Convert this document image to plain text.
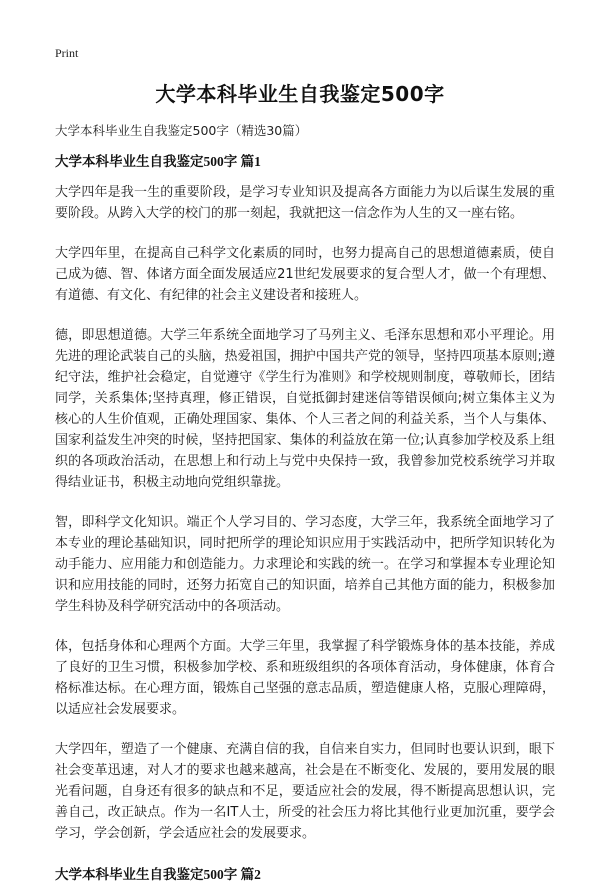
Print
大学本科毕业生自我鉴定500字
大学本科毕业生自我鉴定500字（精选30篇）
大学本科毕业生自我鉴定500字 篇1

大学四年是我一生的重要阶段，是学习专业知识及提高各方面能力为以后谋生发展的重要阶段。从跨入大学的校门的那一刻起，我就把这一信念作为人生的又一座右铭。

大学四年里，在提高自己科学文化素质的同时，也努力提高自己的思想道德素质，使自己成为德、智、体诸方面全面发展适应21世纪发展要求的复合型人才，做一个有理想、有道德、有文化、有纪律的社会主义建设者和接班人。

德，即思想道德。大学三年系统全面地学习了马列主义、毛泽东思想和邓小平理论。用先进的理论武装自己的头脑，热爱祖国，拥护中国共产党的领导，坚持四项基本原则;遵纪守法，维护社会稳定，自觉遵守《学生行为准则》和学校规则制度，尊敬师长，团结同学，关系集体;坚持真理，修正错误，自觉抵御封建迷信等错误倾向;树立集体主义为核心的人生价值观，正确处理国家、集体、个人三者之间的利益关系，当个人与集体、国家利益发生冲突的时候，坚持把国家、集体的利益放在第一位;认真参加学校及系上组织的各项政治活动，在思想上和行动上与党中央保持一致，我曾参加党校系统学习并取得结业证书，积极主动地向党组织靠拢。

智，即科学文化知识。端正个人学习目的、学习态度，大学三年，我系统全面地学习了本专业的理论基础知识，同时把所学的理论知识应用于实践活动中，把所学知识转化为动手能力、应用能力和创造能力。力求理论和实践的统一。在学习和掌握本专业理论知识和应用技能的同时，还努力拓宽自己的知识面，培养自己其他方面的能力，积极参加学生科协及科学研究活动中的各项活动。

体，包括身体和心理两个方面。大学三年里，我掌握了科学锻炼身体的基本技能，养成了良好的卫生习惯，积极参加学校、系和班级组织的各项体育活动，身体健康，体育合格标准达标。在心理方面，锻炼自己坚强的意志品质，塑造健康人格，克服心理障碍，以适应社会发展要求。

大学四年，塑造了一个健康、充满自信的我，自信来自实力，但同时也要认识到，眼下社会变革迅速，对人才的要求也越来越高，社会是在不断变化、发展的，要用发展的眼光看问题，自身还有很多的缺点和不足，要适应社会的发展，得不断提高思想认识，完善自己，改正缺点。作为一名IT人士，所受的社会压力将比其他行业更加沉重，要学会学习，学会创新，学会适应社会的发展要求。

大学本科毕业生自我鉴定500字 篇2
